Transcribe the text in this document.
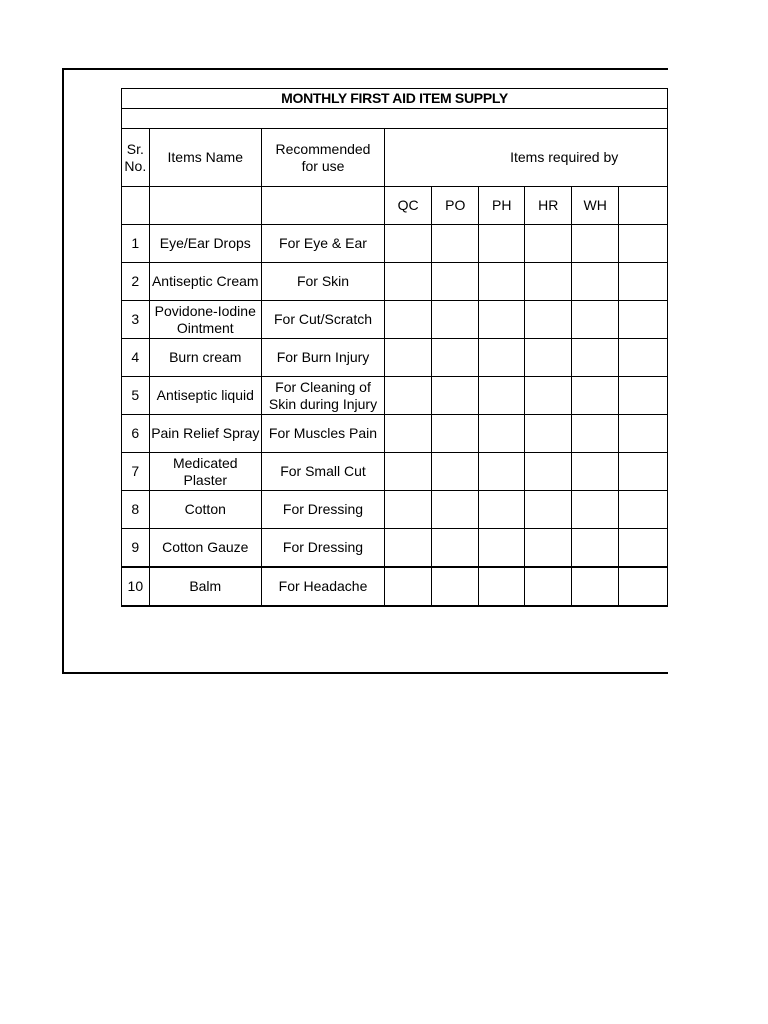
MONTHLY FIRST AID ITEM SUPPLY								

Sr. No.	Items Name	Recommended for use	Items required by					
			QC	PO	PH	HR	WH	
1	Eye/Ear Drops	For Eye & Ear						
2	Antiseptic Cream	For Skin						
3	Povidone-Iodine Ointment	For Cut/Scratch						
4	Burn cream	For Burn Injury						
5	Antiseptic liquid	For Cleaning of Skin during Injury						
6	Pain Relief Spray	For Muscles Pain						
7	Medicated Plaster	For Small Cut						
8	Cotton	For Dressing						
9	Cotton Gauze	For Dressing						
10	Balm	For Headache						
